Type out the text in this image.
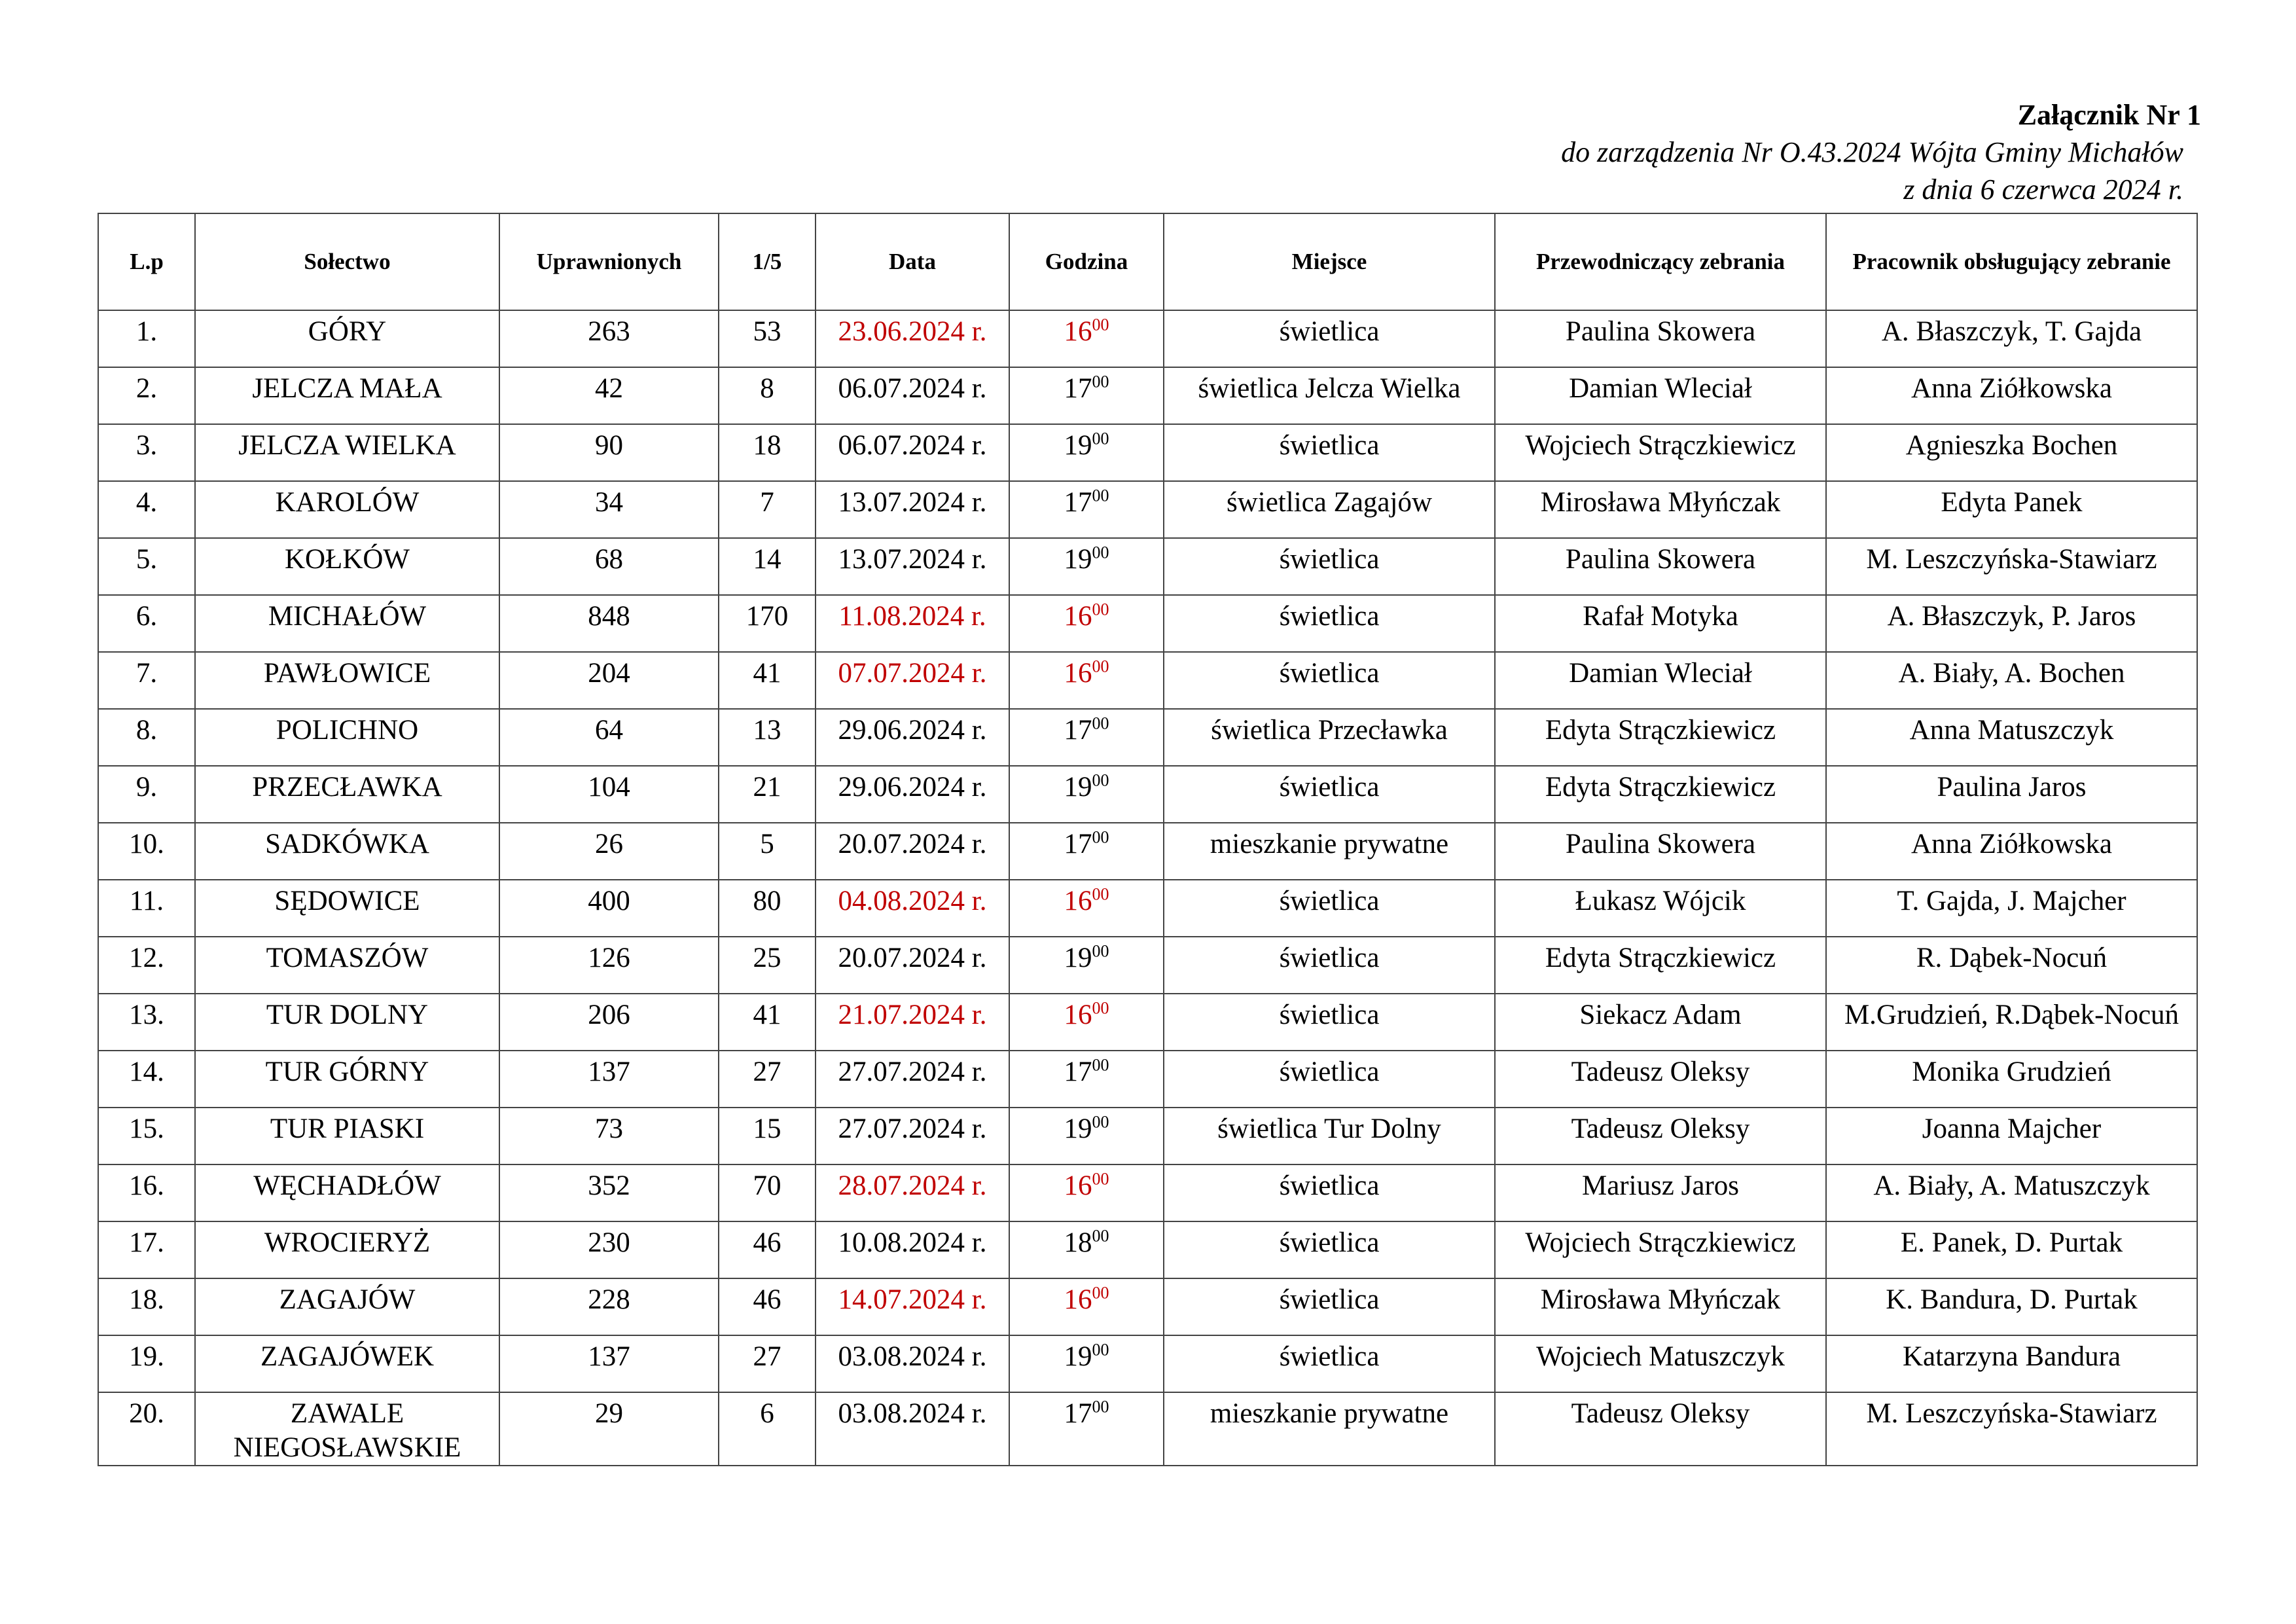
Załącznik Nr 1
do zarządzenia Nr O.43.2024 Wójta Gminy Michałów
z dnia 6 czerwca 2024 r.
L.p	Sołectwo	Uprawnionych	1/5	Data	Godzina	Miejsce	Przewodniczący zebrania	Pracownik obsługujący zebranie
1.	GÓRY	263	53	23.06.2024 r.	$16^{00}$	świetlica	Paulina Skowera	A. Błaszczyk, T. Gajda
2.	JELCZA MAŁA	42	8	06.07.2024 r.	$17^{00}$	świetlica Jelcza Wielka	Damian Wleciał	Anna Ziółkowska
3.	JELCZA WIELKA	90	18	06.07.2024 r.	$19^{00}$	świetlica	Wojciech Strączkiewicz	Agnieszka Bochen
4.	KAROLÓW	34	7	13.07.2024 r.	$17^{00}$	świetlica Zagajów	Mirosława Młyńczak	Edyta Panek
5.	KOŁKÓW	68	14	13.07.2024 r.	$19^{00}$	świetlica	Paulina Skowera	M. Leszczyńska-Stawiarz
6.	MICHAŁÓW	848	170	11.08.2024 r.	$16^{00}$	świetlica	Rafał Motyka	A. Błaszczyk, P. Jaros
7.	PAWŁOWICE	204	41	07.07.2024 r.	$16^{00}$	świetlica	Damian Wleciał	A. Biały, A. Bochen
8.	POLICHNO	64	13	29.06.2024 r.	$17^{00}$	świetlica Przecławka	Edyta Strączkiewicz	Anna Matuszczyk
9.	PRZECŁAWKA	104	21	29.06.2024 r.	$19^{00}$	świetlica	Edyta Strączkiewicz	Paulina Jaros
10.	SADKÓWKA	26	5	20.07.2024 r.	$17^{00}$	mieszkanie prywatne	Paulina Skowera	Anna Ziółkowska
11.	SĘDOWICE	400	80	04.08.2024 r.	$16^{00}$	świetlica	Łukasz Wójcik	T. Gajda, J. Majcher
12.	TOMASZÓW	126	25	20.07.2024 r.	$19^{00}$	świetlica	Edyta Strączkiewicz	R. Dąbek-Nocuń
13.	TUR DOLNY	206	41	21.07.2024 r.	$16^{00}$	świetlica	Siekacz Adam	M.Grudzień, R.Dąbek-Nocuń
14.	TUR GÓRNY	137	27	27.07.2024 r.	$17^{00}$	świetlica	Tadeusz Oleksy	Monika Grudzień
15.	TUR PIASKI	73	15	27.07.2024 r.	$19^{00}$	świetlica Tur Dolny	Tadeusz Oleksy	Joanna Majcher
16.	WĘCHADŁÓW	352	70	28.07.2024 r.	$16^{00}$	świetlica	Mariusz Jaros	A. Biały, A. Matuszczyk
17.	WROCIERYŻ	230	46	10.08.2024 r.	$18^{00}$	świetlica	Wojciech Strączkiewicz	E. Panek, D. Purtak
18.	ZAGAJÓW	228	46	14.07.2024 r.	$16^{00}$	świetlica	Mirosława Młyńczak	K. Bandura, D. Purtak
19.	ZAGAJÓWEK	137	27	03.08.2024 r.	$19^{00}$	świetlica	Wojciech Matuszczyk	Katarzyna Bandura
20.	ZAWALE NIEGOSŁAWSKIE	29	6	03.08.2024 r.	$17^{00}$	mieszkanie prywatne	Tadeusz Oleksy	M. Leszczyńska-Stawiarz
